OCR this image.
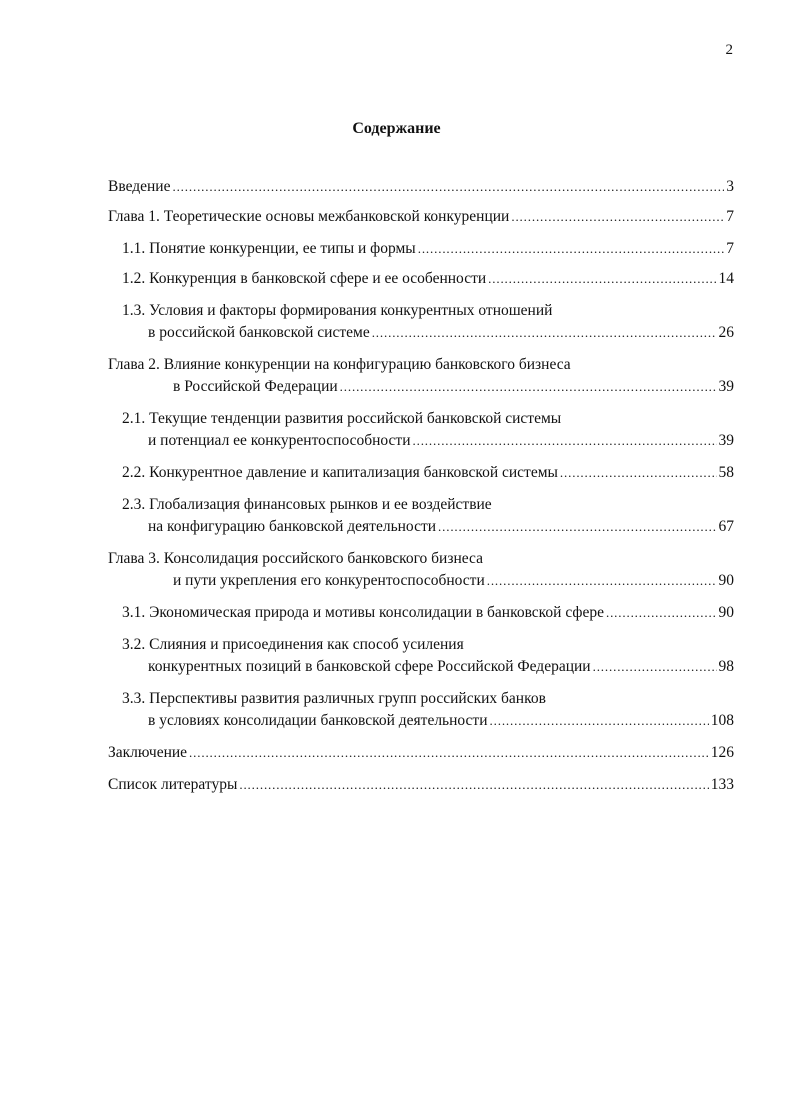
2
Содержание
Введение . . .	3
Глава 1. Теоретические основы межбанковской конкуренции . . .	7
1.1. Понятие конкуренции, ее типы и формы . . .	7
1.2. Конкуренция в банковской сфере и ее особенности . . .	14
1.3. Условия и факторы формирования конкурентных отношений
в российской банковской системе . . .	26
Глава 2. Влияние конкуренции на конфигурацию банковского бизнеса
в Российской Федерации . . .	39
2.1. Текущие тенденции развития российской банковской системы
и потенциал ее конкурентоспособности . . .	39
2.2. Конкурентное давление и капитализация банковской системы . . .	58
2.3. Глобализация финансовых рынков и ее воздействие
на конфигурацию банковской деятельности . . .	67
Глава 3. Консолидация российского банковского бизнеса
и пути укрепления его конкурентоспособности . . .	90
3.1. Экономическая природа и мотивы консолидации в банковской сфере . . .	90
3.2. Слияния и присоединения как способ усиления
конкурентных позиций в банковской сфере Российской Федерации . . .	98
3.3. Перспективы развития различных групп российских банков
в условиях консолидации банковской деятельности . . .	108
Заключение . . .	126
Список литературы . . .	133
